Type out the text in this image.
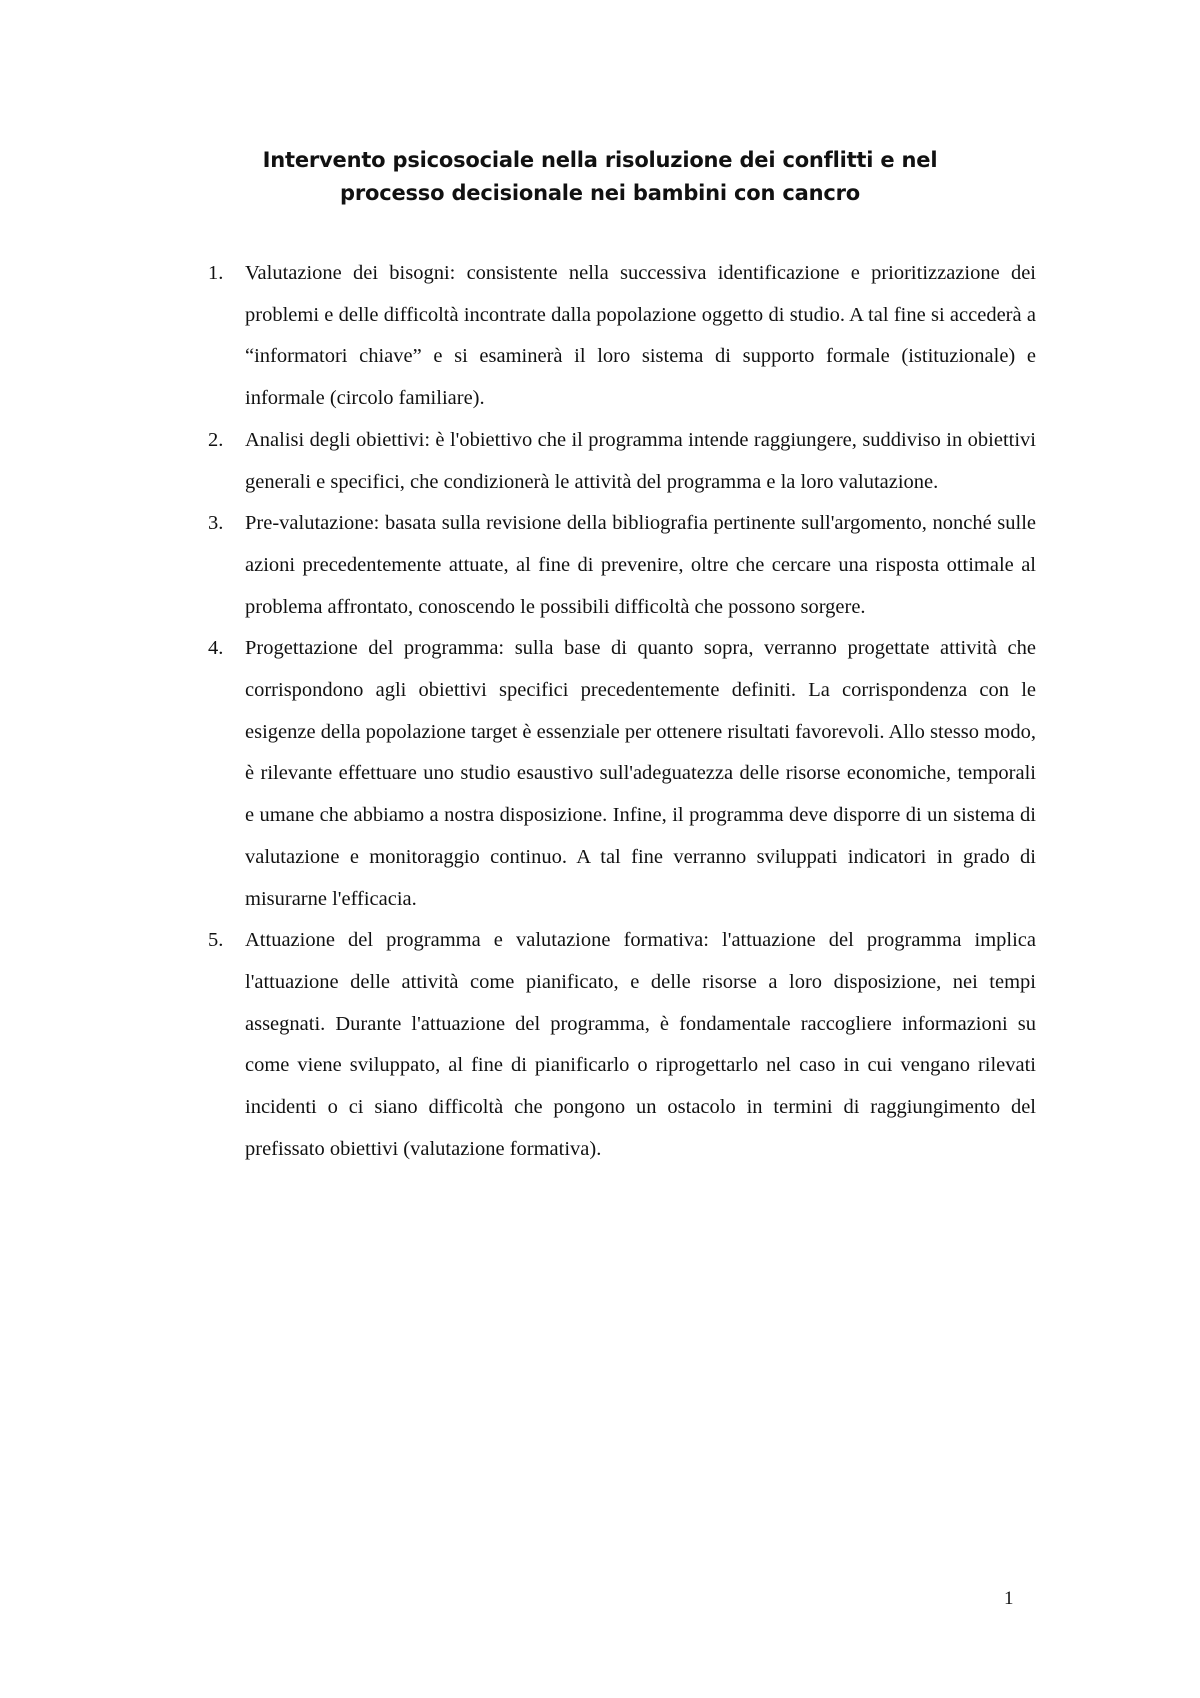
Intervento psicosociale nella risoluzione dei conflitti e nel
processo decisionale nei bambini con cancro
1. Valutazione dei bisogni: consistente nella successiva identificazione e prioritizzazione dei problemi e delle difficoltà incontrate dalla popolazione oggetto di studio. A tal fine si accederà a “informatori chiave” e si esaminerà il loro sistema di supporto formale (istituzionale) e informale (circolo familiare).
2. Analisi degli obiettivi: è l'obiettivo che il programma intende raggiungere, suddiviso in obiettivi generali e specifici, che condizionerà le attività del programma e la loro valutazione.
3. Pre-valutazione: basata sulla revisione della bibliografia pertinente sull'argomento, nonché sulle azioni precedentemente attuate, al fine di prevenire, oltre che cercare una risposta ottimale al problema affrontato, conoscendo le possibili difficoltà che possono sorgere.
4. Progettazione del programma: sulla base di quanto sopra, verranno progettate attività che corrispondono agli obiettivi specifici precedentemente definiti. La corrispondenza con le esigenze della popolazione target è essenziale per ottenere risultati favorevoli. Allo stesso modo, è rilevante effettuare uno studio esaustivo sull'adeguatezza delle risorse economiche, temporali e umane che abbiamo a nostra disposizione. Infine, il programma deve disporre di un sistema di valutazione e monitoraggio continuo. A tal fine verranno sviluppati indicatori in grado di misurarne l'efficacia.
5. Attuazione del programma e valutazione formativa: l'attuazione del programma implica l'attuazione delle attività come pianificato, e delle risorse a loro disposizione, nei tempi assegnati. Durante l'attuazione del programma, è fondamentale raccogliere informazioni su come viene sviluppato, al fine di pianificarlo o riprogettarlo nel caso in cui vengano rilevati incidenti o ci siano difficoltà che pongono un ostacolo in termini di raggiungimento del prefissato obiettivi (valutazione formativa).
1
